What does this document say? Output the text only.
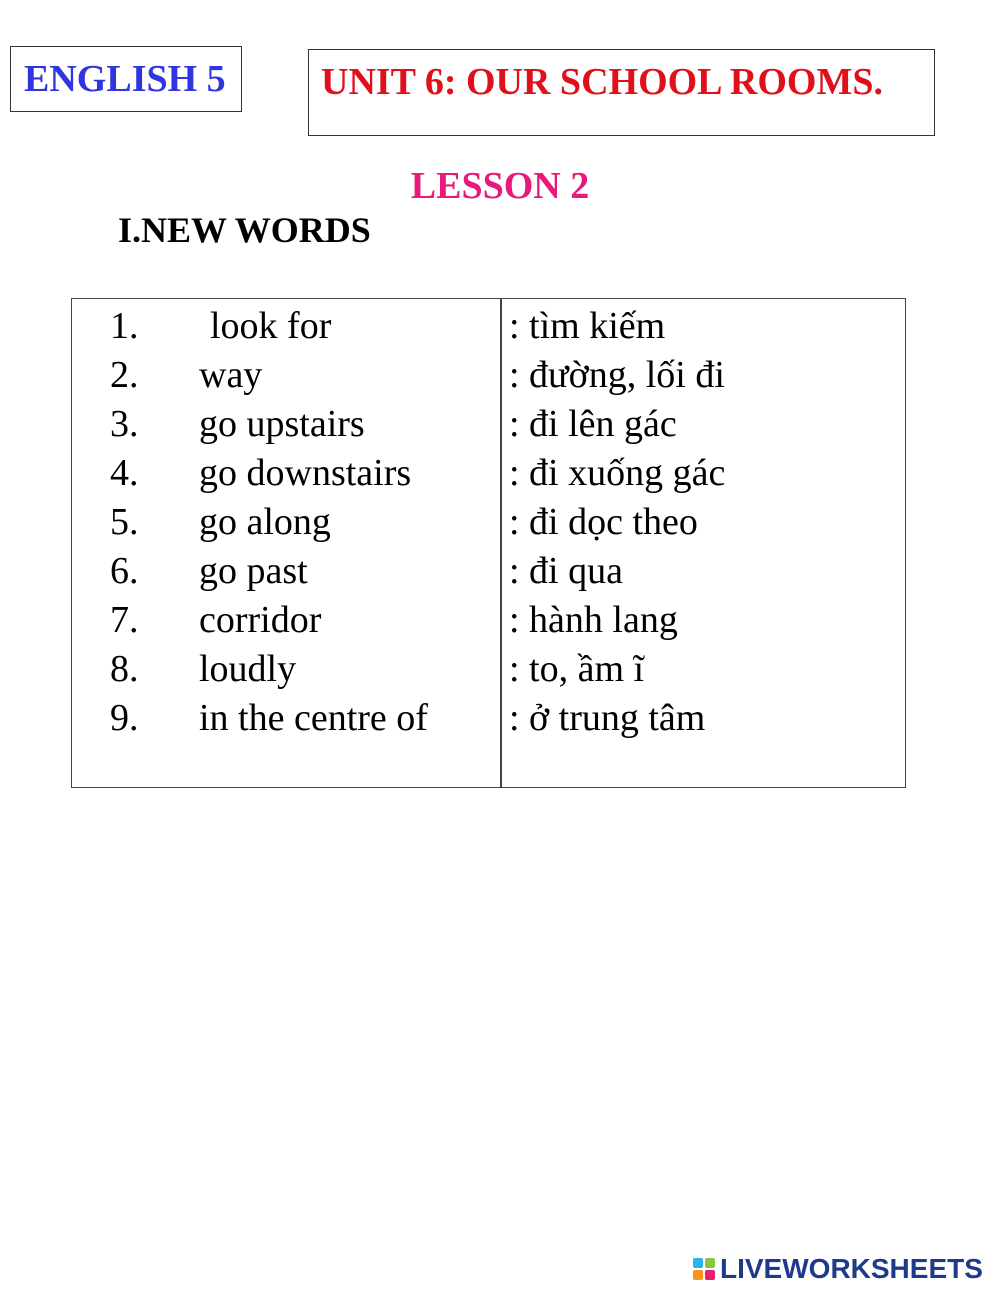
ENGLISH 5	UNIT 6: OUR SCHOOL ROOMS.
LESSON 2
I.NEW WORDS
1. look for	: tìm kiếm
2. way	: đường, lối đi
3. go upstairs	: đi lên gác
4. go downstairs	: đi xuống gác
5. go along	: đi dọc theo
6. go past	: đi qua
7. corridor	: hành lang
8. loudly	: to, ầm ĩ
9. in the centre of : ở trung tâm
LIVEWORKSHEETS
